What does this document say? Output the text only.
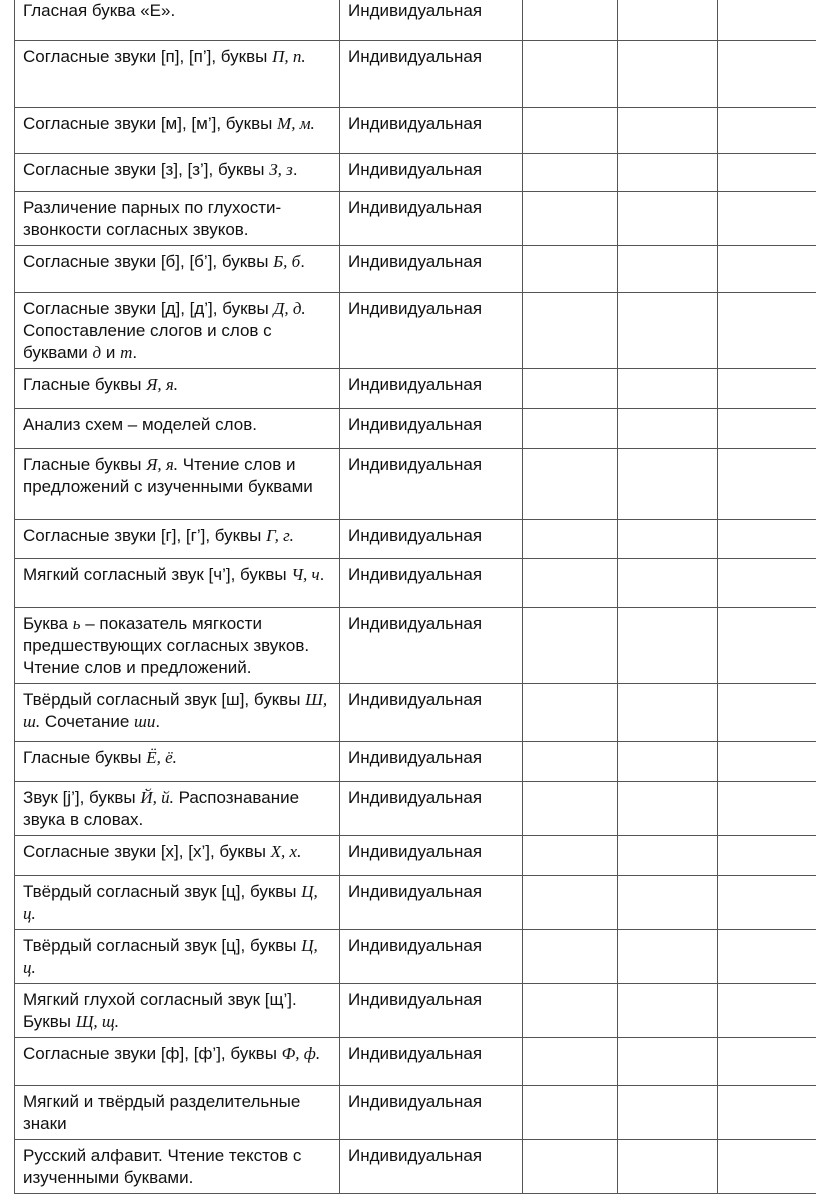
Гласная буква «Е».	Индивидуальная			

Согласные звуки [п], [п’], буквы П, п.	Индивидуальная			

Согласные звуки [м], [м’], буквы М, м.	Индивидуальная			

Согласные звуки [з], [з’], буквы З, з.	Индивидуальная			

Различение парных по глухости-звонкости согласных звуков.	Индивидуальная			

Согласные звуки [б], [б’], буквы Б, б.	Индивидуальная			

Согласные звуки [д], [д’], буквы Д, д. Сопоставление слогов и слов с буквами д и т.	Индивидуальная			

Гласные буквы Я, я.	Индивидуальная			

Анализ схем – моделей слов.	Индивидуальная			

Гласные буквы Я, я. Чтение слов и предложений с изученными буквами	Индивидуальная			

Согласные звуки [г], [г’], буквы Г, г.	Индивидуальная			

Мягкий согласный звук [ч’], буквы Ч, ч.	Индивидуальная			

Буква ь – показатель мягкости предшествующих согласных звуков. Чтение слов и предложений.	Индивидуальная			

Твёрдый согласный звук [ш], буквы Ш, ш. Сочетание ши.	Индивидуальная			

Гласные буквы Ё, ё.	Индивидуальная			

Звук [j’], буквы Й, й. Распознавание звука в словах.	Индивидуальная			

Согласные звуки [х], [х’], буквы Х, х.	Индивидуальная			

Твёрдый согласный звук [ц], буквы Ц, ц.	Индивидуальная			

Твёрдый согласный звук [ц], буквы Ц, ц.	Индивидуальная			

Мягкий глухой согласный звук [щ’]. Буквы Щ, щ.	Индивидуальная			

Согласные звуки [ф], [ф’], буквы Ф, ф.	Индивидуальная			

Мягкий и твёрдый разделительные знаки	Индивидуальная			

Русский алфавит. Чтение текстов с изученными буквами.	Индивидуальная			
